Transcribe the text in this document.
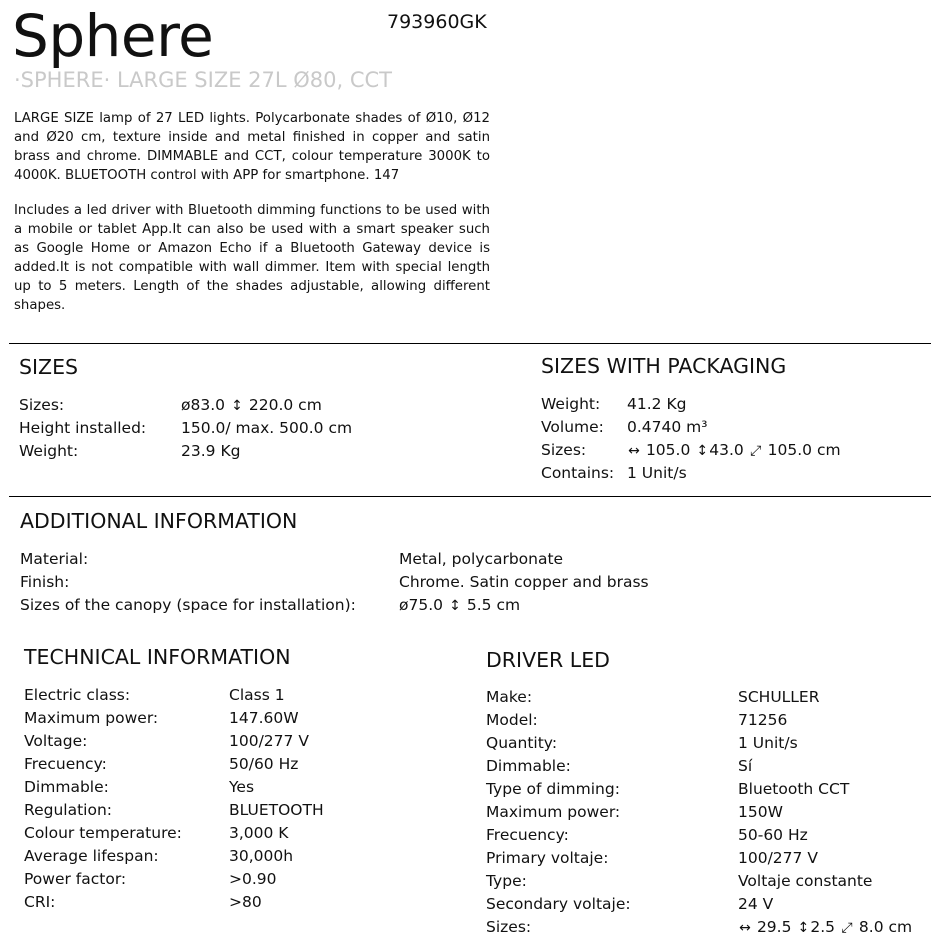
Sphere	793960GK
·SPHERE· LARGE SIZE 27L Ø80, CCT
LARGE SIZE lamp of 27 LED lights. Polycarbonate shades of Ø10, Ø12 and Ø20 cm, texture inside and metal finished in copper and satin brass and chrome. DIMMABLE and CCT, colour temperature 3000K to 4000K. BLUETOOTH control with APP for smartphone. 147
Includes a led driver with Bluetooth dimming functions to be used with a mobile or tablet App.It can also be used with a smart speaker such as Google Home or Amazon Echo if a Bluetooth Gateway device is added.It is not compatible with wall dimmer. Item with special length up to 5 meters. Length of the shades adjustable, allowing different shapes.
SIZES
Sizes:	ø83.0 ↕ 220.0 cm
Height installed: 150.0/ max. 500.0 cm
Weight:	23.9 Kg
SIZES WITH PACKAGING
Weight: 41.2 Kg
Volume: 0.4740 m³
Sizes:	↔ 105.0 ↕43.0 ⤢ 105.0 cm
Contains: 1 Unit/s
ADDITIONAL INFORMATION
Material:	Metal, polycarbonate
Finish:	Chrome. Satin copper and brass
Sizes of the canopy (space for installation):	ø75.0 ↕ 5.5 cm
TECHNICAL INFORMATION
Electric class:	Class 1
Maximum power:	147.60W
Voltage:	100/277 V
Frecuency:	50/60 Hz
Dimmable:	Yes
Regulation:	BLUETOOTH
Colour temperature:	3,000 K
Average lifespan:	30,000h
Power factor:	>0.90
CRI:	>80
DRIVER LED
Make:	SCHULLER
Model:	71256
Quantity:	1 Unit/s
Dimmable:	Sí
Type of dimming:	Bluetooth CCT
Maximum power:	150W
Frecuency:	50-60 Hz
Primary voltaje:	100/277 V
Type:	Voltaje constante
Secondary voltaje:	24 V
Sizes:	↔ 29.5 ↕2.5 ⤢ 8.0 cm
